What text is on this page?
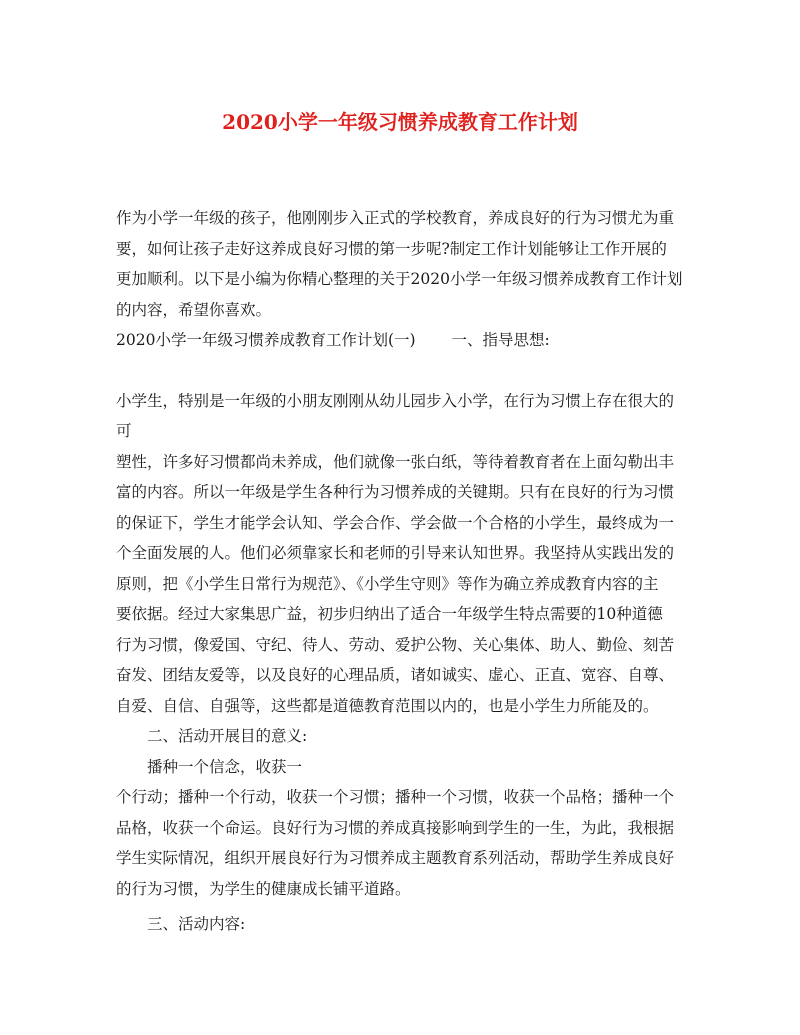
2020小学一年级习惯养成教育工作计划

作为小学一年级的孩子，他刚刚步入正式的学校教育，养成良好的行为习惯尤为重

要，如何让孩子走好这养成良好习惯的第一步呢?制定工作计划能够让工作开展的

更加顺利。以下是小编为你精心整理的关于2020小学一年级习惯养成教育工作计划

的内容，希望你喜欢。

2020小学一年级习惯养成教育工作计划(一) 一、指导思想:

小学生，特别是一年级的小朋友刚刚从幼儿园步入小学，在行为习惯上存在很大的

可

塑性，许多好习惯都尚未养成，他们就像一张白纸，等待着教育者在上面勾勒出丰

富的内容。所以一年级是学生各种行为习惯养成的关键期。只有在良好的行为习惯

的保证下，学生才能学会认知、学会合作、学会做一个合格的小学生，最终成为一

个全面发展的人。他们必须靠家长和老师的引导来认知世界。我坚持从实践出发的

原则，把《小学生日常行为规范》、《小学生守则》等作为确立养成教育内容的主

要依据。经过大家集思广益，初步归纳出了适合一年级学生特点需要的10种道德

行为习惯，像爱国、守纪、待人、劳动、爱护公物、关心集体、助人、勤俭、刻苦

奋发、团结友爱等，以及良好的心理品质，诸如诚实、虚心、正直、宽容、自尊、

自爱、自信、自强等，这些都是道德教育范围以内的，也是小学生力所能及的。

二、活动开展目的意义:

播种一个信念，收获一

个行动；播种一个行动，收获一个习惯；播种一个习惯，收获一个品格；播种一个

品格，收获一个命运。良好行为习惯的养成真接影响到学生的一生，为此，我根据

学生实际情况，组织开展良好行为习惯养成主题教育系列活动，帮助学生养成良好

的行为习惯，为学生的健康成长铺平道路。

三、活动内容:
